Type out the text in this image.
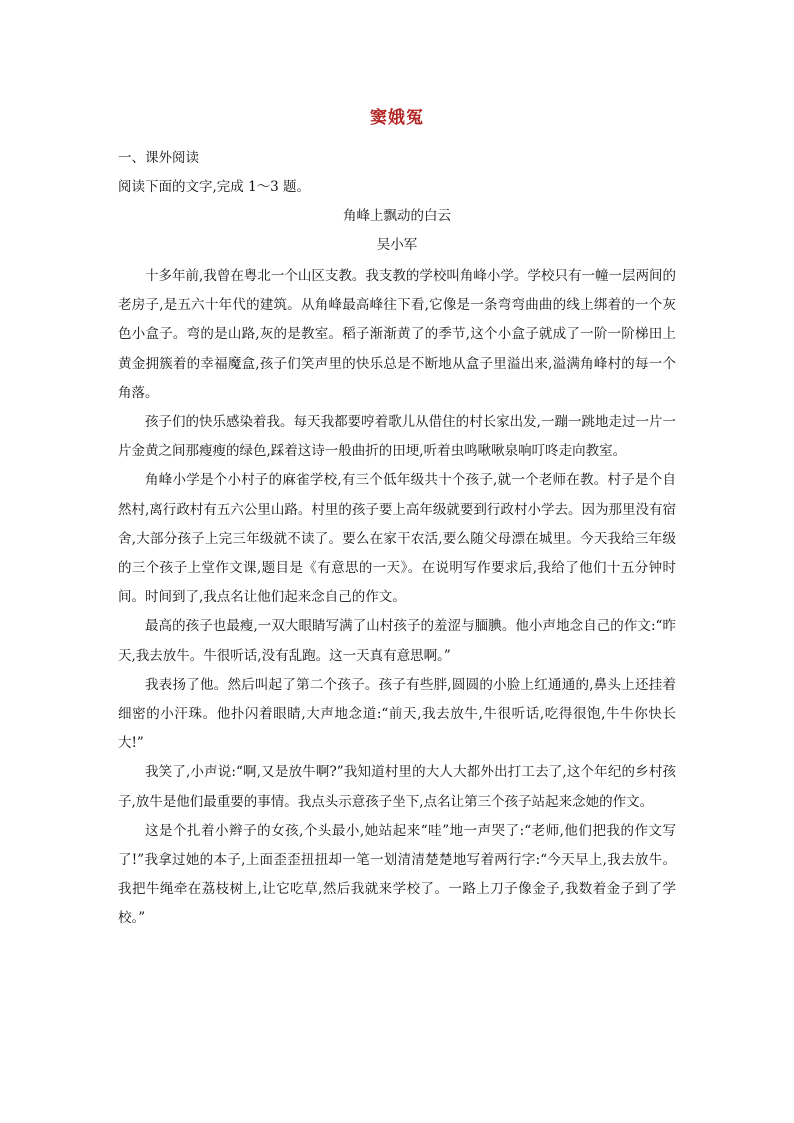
窦娥冤

一、课外阅读

阅读下面的文字,完成 1～3 题。

角峰上飘动的白云

吴小军

十多年前,我曾在粤北一个山区支教。我支教的学校叫角峰小学。学校只有一幢一层两间的老房子,是五六十年代的建筑。从角峰最高峰往下看,它像是一条弯弯曲曲的线上绑着的一个灰色小盒子。弯的是山路,灰的是教室。稻子渐渐黄了的季节,这个小盒子就成了一阶一阶梯田上黄金拥簇着的幸福魔盒,孩子们笑声里的快乐总是不断地从盒子里溢出来,溢满角峰村的每一个角落。

孩子们的快乐感染着我。每天我都要哼着歌儿从借住的村长家出发,一蹦一跳地走过一片一片金黄之间那瘦瘦的绿色,踩着这诗一般曲折的田埂,听着虫鸣啾啾泉响叮咚走向教室。

角峰小学是个小村子的麻雀学校,有三个低年级共十个孩子,就一个老师在教。村子是个自然村,离行政村有五六公里山路。村里的孩子要上高年级就要到行政村小学去。因为那里没有宿舍,大部分孩子上完三年级就不读了。要么在家干农活,要么随父母漂在城里。今天我给三年级的三个孩子上堂作文课,题目是《有意思的一天》。在说明写作要求后,我给了他们十五分钟时间。时间到了,我点名让他们起来念自己的作文。

最高的孩子也最瘦,一双大眼睛写满了山村孩子的羞涩与腼腆。他小声地念自己的作文:“昨天,我去放牛。牛很听话,没有乱跑。这一天真有意思啊。”

我表扬了他。然后叫起了第二个孩子。孩子有些胖,圆圆的小脸上红通通的,鼻头上还挂着细密的小汗珠。他扑闪着眼睛,大声地念道:“前天,我去放牛,牛很听话,吃得很饱,牛牛你快长大!”

我笑了,小声说:“啊,又是放牛啊?”我知道村里的大人大都外出打工去了,这个年纪的乡村孩子,放牛是他们最重要的事情。我点头示意孩子坐下,点名让第三个孩子站起来念她的作文。

这是个扎着小辫子的女孩,个头最小,她站起来“哇”地一声哭了:“老师,他们把我的作文写了!”我拿过她的本子,上面歪歪扭扭却一笔一划清清楚楚地写着两行字:“今天早上,我去放牛。我把牛绳牵在荔枝树上,让它吃草,然后我就来学校了。一路上刀子像金子,我数着金子到了学校。”
